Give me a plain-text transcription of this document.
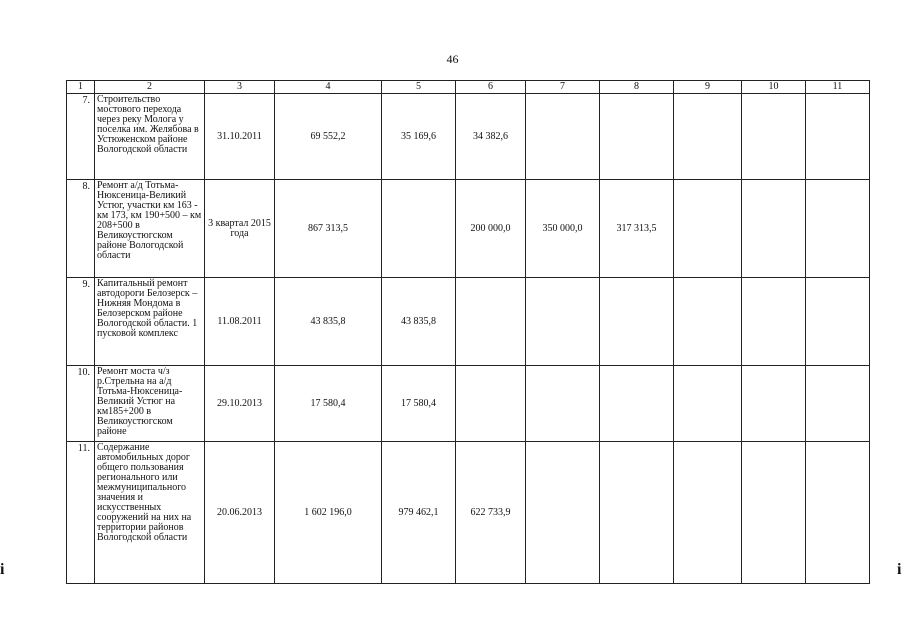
46
1	2	3	4	5	6	7	8	9	10	11
7.	Строительство мостового перехода через реку Молога у поселка им. Желябова в Устюженском районе Вологодской области	31.10.2011	69 552,2	35 169,6	34 382,6					
8.	Ремонт а/д Тотьма-Нюксеница-Великий Устюг, участки км 163 - км 173, км 190+500 – км 208+500 в Великоустюгском районе Вологодской области	3 квартал 2015 года	867 313,5		200 000,0	350 000,0	317 313,5			
9.	Капитальный ремонт автодороги Белозерск – Нижняя Мондома в Белозерском районе Вологодской области. 1 пусковой комплекс	11.08.2011	43 835,8	43 835,8						
10.	Ремонт моста ч/з р.Стрельна на а/д Тотьма-Нюксеница-Великий Устюг на км185+200 в Великоустюгском районе	29.10.2013	17 580,4	17 580,4						
11.	Содержание автомобильных дорог общего пользования регионального или межмуниципального значения и искусственных сооружений на них на территории районов Вологодской области	20.06.2013	1 602 196,0	979 462,1	622 733,9					
i	i
